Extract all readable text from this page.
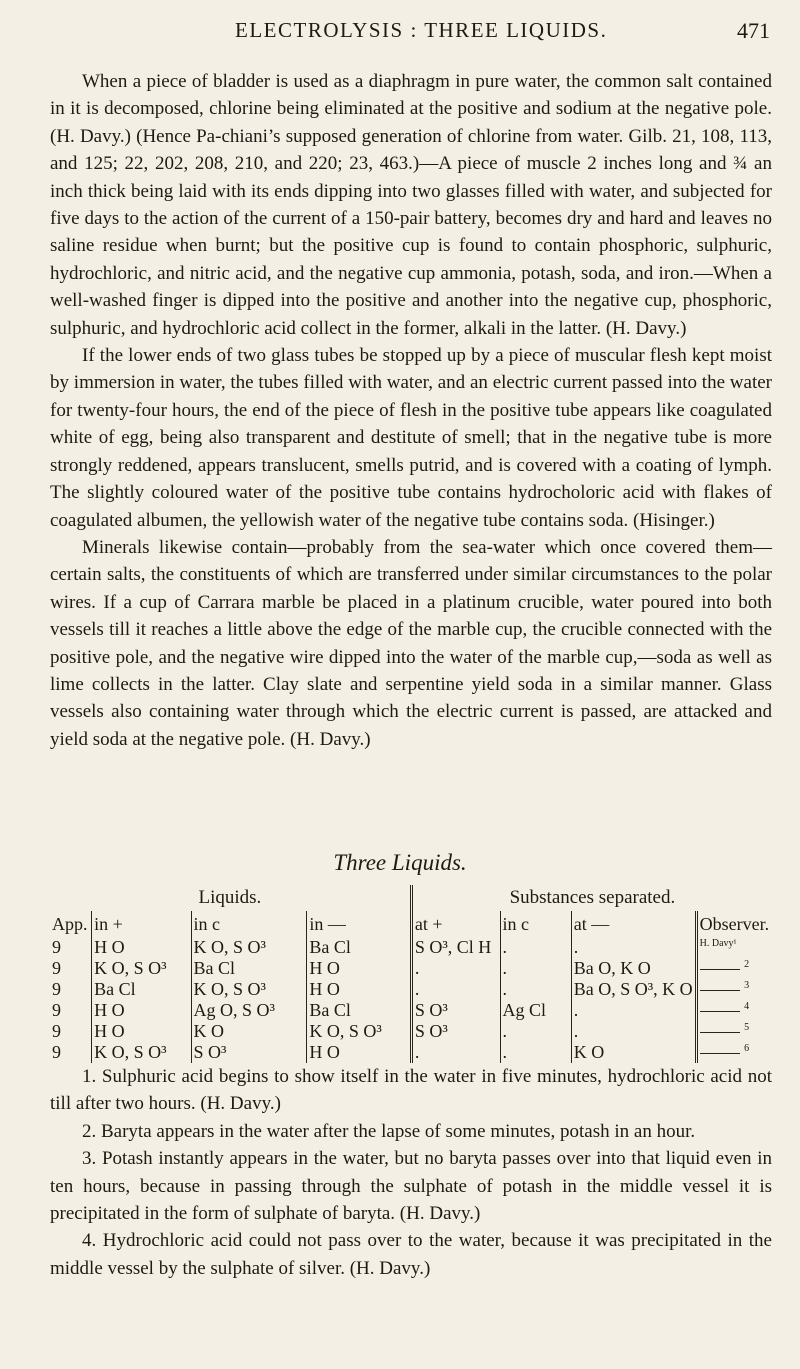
ELECTROLYSIS : THREE LIQUIDS.	471

When a piece of bladder is used as a diaphragm in pure water, the common salt contained in it is decomposed, chlorine being eliminated at the positive and sodium at the negative pole. (H. Davy.) (Hence Pa-chiani’s supposed generation of chlorine from water. Gilb. 21, 108, 113, and 125; 22, 202, 208, 210, and 220; 23, 463.)—A piece of muscle 2 inches long and ¾ an inch thick being laid with its ends dipping into two glasses filled with water, and subjected for five days to the action of the current of a 150-pair battery, becomes dry and hard and leaves no saline residue when burnt; but the positive cup is found to contain phosphoric, sulphuric, hydrochloric, and nitric acid, and the negative cup ammonia, potash, soda, and iron.—When a well-washed finger is dipped into the positive and another into the negative cup, phosphoric, sulphuric, and hydrochloric acid collect in the former, alkali in the latter. (H. Davy.)

If the lower ends of two glass tubes be stopped up by a piece of muscular flesh kept moist by immersion in water, the tubes filled with water, and an electric current passed into the water for twenty-four hours, the end of the piece of flesh in the positive tube appears like coagulated white of egg, being also transparent and destitute of smell; that in the negative tube is more strongly reddened, appears translucent, smells putrid, and is covered with a coating of lymph. The slightly coloured water of the positive tube contains hydrocholoric acid with flakes of coagulated albumen, the yellowish water of the negative tube contains soda. (Hisinger.)

Minerals likewise contain—probably from the sea-water which once covered them—certain salts, the constituents of which are transferred under similar circumstances to the polar wires. If a cup of Carrara marble be placed in a platinum crucible, water poured into both vessels till it reaches a little above the edge of the marble cup, the crucible connected with the positive pole, and the negative wire dipped into the water of the marble cup,—soda as well as lime collects in the latter. Clay slate and serpentine yield soda in a similar manner. Glass vessels also containing water through which the electric current is passed, are attacked and yield soda at the negative pole. (H. Davy.)

Three Liquids.
Liquids.				Substances separated.			
App.	in +	in c	in —	at +	in c	at —	Observer.
9	H O	K O, S O³	Ba Cl	S O³, Cl H	.	.	$^{H. Davy^1}$
9	K O, S O³	Ba Cl	H O	.	.	Ba O, K O	$^2$
9	Ba Cl	K O, S O³	H O	.	.	Ba O, S O³, K O	$^3$
9	H O	Ag O, S O³	Ba Cl	S O³	Ag Cl	.	$^4$
9	H O	K O	K O, S O³	S O³	.	.	$^5$
9	K O, S O³	S O³	H O	.	.	K O	$^6$

1. Sulphuric acid begins to show itself in the water in five minutes, hydrochloric acid not till after two hours. (H. Davy.)

2. Baryta appears in the water after the lapse of some minutes, potash in an hour.

3. Potash instantly appears in the water, but no baryta passes over into that liquid even in ten hours, because in passing through the sulphate of potash in the middle vessel it is precipitated in the form of sulphate of baryta. (H. Davy.)

4. Hydrochloric acid could not pass over to the water, because it was precipitated in the middle vessel by the sulphate of silver. (H. Davy.)
